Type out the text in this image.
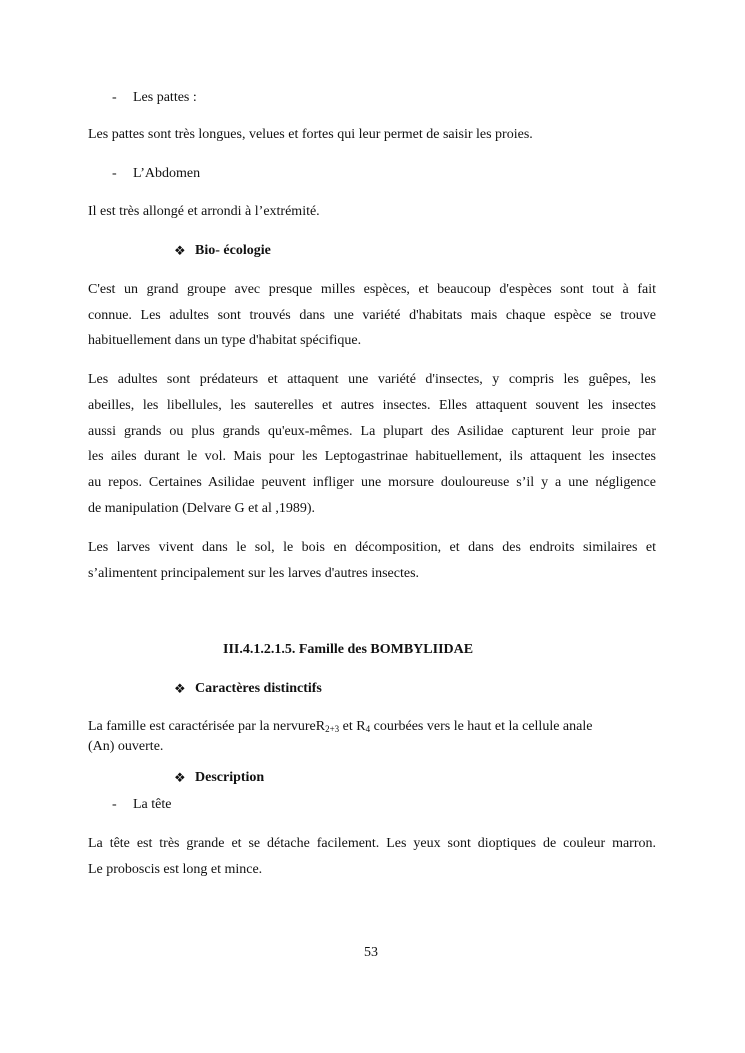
- Les pattes :
Les pattes sont très longues, velues et fortes qui leur permet de saisir les proies.
- L’Abdomen
Il est très allongé et arrondi à l’extrémité.
❖ Bio- écologie
C'est un grand groupe avec presque milles espèces, et beaucoup d'espèces sont tout à fait
connue. Les adultes sont trouvés dans une variété d'habitats mais chaque espèce se trouve
habituellement dans un type d'habitat spécifique.
Les adultes sont prédateurs et attaquent une variété d'insectes, y compris les guêpes, les
abeilles, les libellules, les sauterelles et autres insectes. Elles attaquent souvent les insectes
aussi grands ou plus grands qu'eux-mêmes. La plupart des Asilidae capturent leur proie par
les ailes durant le vol. Mais pour les Leptogastrinae habituellement, ils attaquent les insectes
au repos. Certaines Asilidae peuvent infliger une morsure douloureuse s’il y a une négligence
de manipulation (Delvare G et al ,1989).
Les larves vivent dans le sol, le bois en décomposition, et dans des endroits similaires et
s’alimentent principalement sur les larves d'autres insectes.
III.4.1.2.1.5. Famille des BOMBYLIIDAE
❖ Caractères distinctifs
La famille est caractérisée par la nervureR$_{2+3}$ et $R_4$ courbées vers le haut et la cellule anale
(An) ouverte.
❖ Description
- La tête
La tête est très grande et se détache facilement. Les yeux sont dioptiques de couleur marron.
Le proboscis est long et mince.
53
